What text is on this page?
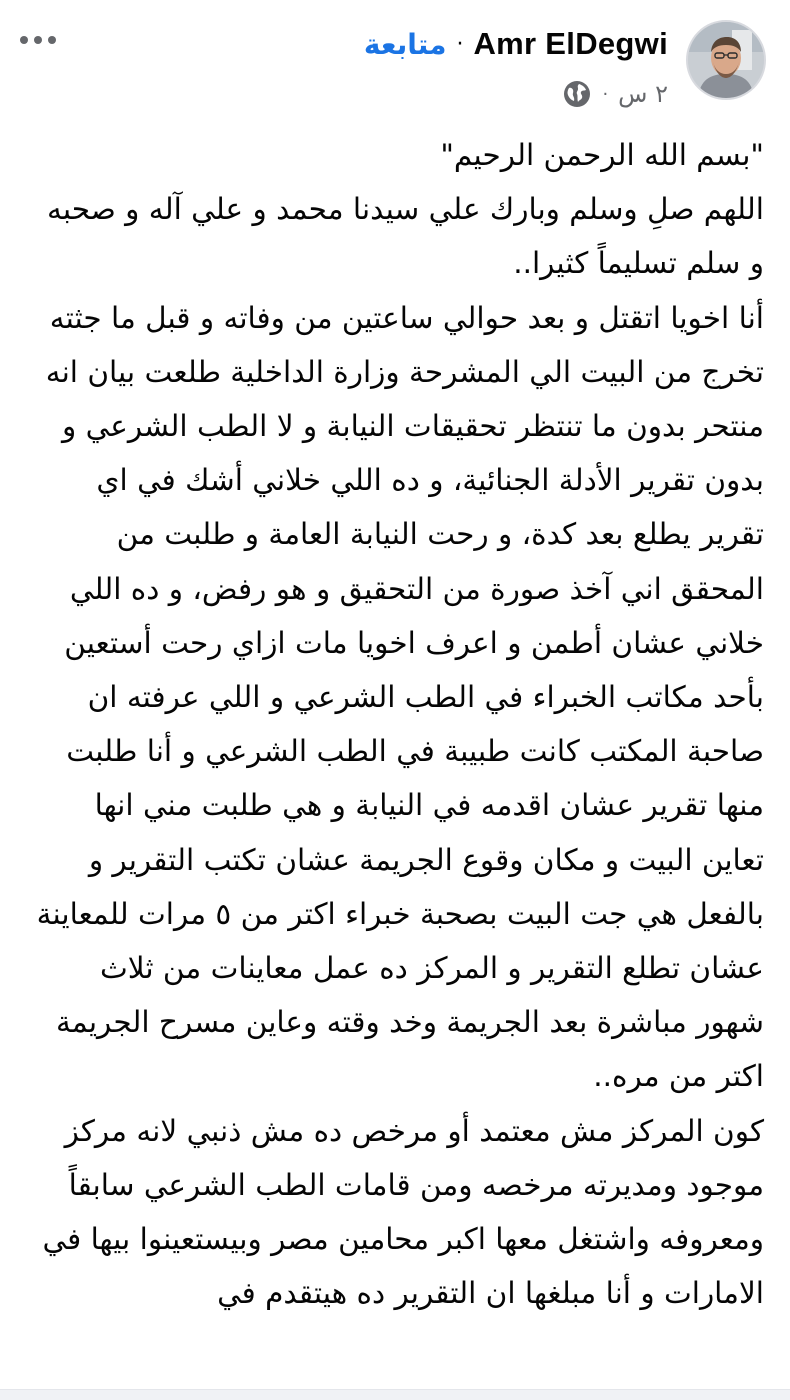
متابعة · Amr ElDegwi
· ٢ س

"بسم الله الرحمن الرحيم"

اللهم صلِ وسلم وبارك علي سيدنا محمد و علي آله و صحبه و سلم تسليماً كثيرا..

أنا اخويا اتقتل و بعد حوالي ساعتين من وفاته و قبل ما جثته تخرج من البيت الي المشرحة وزارة الداخلية طلعت بيان انه منتحر بدون ما تنتظر تحقيقات النيابة و لا الطب الشرعي و بدون تقرير الأدلة الجنائية، و ده اللي خلاني أشك في اي تقرير يطلع بعد كدة، و رحت النيابة العامة و طلبت من المحقق اني آخذ صورة من التحقيق و هو رفض، و ده اللي خلاني عشان أطمن و اعرف اخويا مات ازاي رحت أستعين بأحد مكاتب الخبراء في الطب الشرعي و اللي عرفته ان صاحبة المكتب كانت طبيبة في الطب الشرعي و أنا طلبت منها تقرير عشان اقدمه في النيابة و هي طلبت مني انها تعاين البيت و مكان وقوع الجريمة عشان تكتب التقرير و بالفعل هي جت البيت بصحبة خبراء اكتر من ٥ مرات للمعاينة عشان تطلع التقرير و المركز ده عمل معاينات من ثلاث شهور مباشرة بعد الجريمة وخد وقته وعاين مسرح الجريمة اكتر من مره..

كون المركز مش معتمد أو مرخص ده مش ذنبي لانه مركز موجود ومديرته مرخصه ومن قامات الطب الشرعي سابقاً ومعروفه واشتغل معها اكبر محامين مصر وبيستعينوا بيها في الامارات و أنا مبلغها ان التقرير ده هيتقدم في
